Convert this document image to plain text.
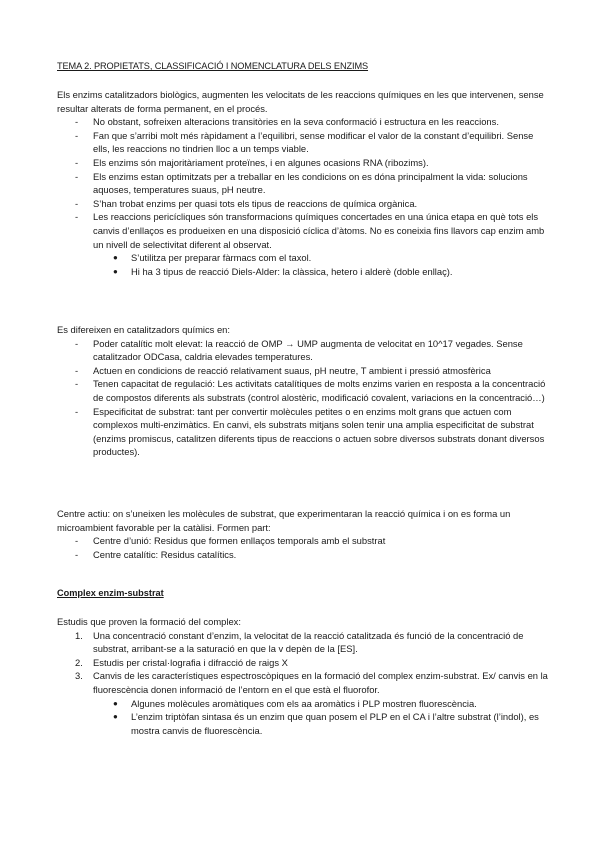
TEMA 2. PROPIETATS, CLASSIFICACIÓ I NOMENCLATURA DELS ENZIMS
Els enzims catalitzadors biològics, augmenten les velocitats de les reaccions químiques en les que intervenen, sense resultar alterats de forma permanent, en el procés.
- No obstant, sofreixen alteracions transitòries en la seva conformació i estructura en les reaccions.
- Fan que s’arribi molt més ràpidament a l’equilibri, sense modificar el valor de la constant d’equilibri. Sense ells, les reaccions no tindrien lloc a un temps viable.
- Els enzims són majoritàriament proteïnes, i en algunes ocasions RNA (ribozims).
- Els enzims estan optimitzats per a treballar en les condicions on es dóna principalment la vida: solucions aquoses, temperatures suaus, pH neutre.
- S’han trobat enzims per quasi tots els tipus de reaccions de química orgànica.
- Les reaccions pericícliques són transformacions químiques concertades en una única etapa en què tots els canvis d’enllaços es produeixen en una disposició cíclica d’àtoms. No es coneixia fins llavors cap enzim amb un nivell de selectivitat diferent al observat.
● S’utilitza per preparar fàrmacs com el taxol.
● Hi ha 3 tipus de reacció Diels-Alder: la clàssica, hetero i alderè (doble enllaç).
Es difereixen en catalitzadors químics en:
- Poder catalític molt elevat: la reacció de OMP → UMP augmenta de velocitat en 10^17 vegades. Sense catalitzador ODCasa, caldria elevades temperatures.
- Actuen en condicions de reacció relativament suaus, pH neutre, T ambient i pressió atmosfèrica
- Tenen capacitat de regulació: Les activitats catalítiques de molts enzims varien en resposta a la concentració de compostos diferents als substrats (control alostèric, modificació covalent, variacions en la concentració…)
- Especificitat de substrat: tant per convertir molècules petites o en enzims molt grans que actuen com complexos multi-enzimàtics. En canvi, els substrats mitjans solen tenir una amplia especificitat de substrat (enzims promiscus, catalitzen diferents tipus de reaccions o actuen sobre diversos substrats donant diversos productes).
Centre actiu: on s’uneixen les molècules de substrat, que experimentaran la reacció química i on es forma un microambient favorable per la catàlisi. Formen part:
- Centre d’unió: Residus que formen enllaços temporals amb el substrat
- Centre catalític: Residus catalítics.
Complex enzim-substrat
Estudis que proven la formació del complex:
1. Una concentració constant d’enzim, la velocitat de la reacció catalitzada és funció de la concentració de substrat, arribant-se a la saturació en que la v depèn de la [ES].
2. Estudis per cristal·lografia i difracció de raigs X
3. Canvis de les característiques espectroscòpiques en la formació del complex enzim-substrat. Ex/ canvis en la fluorescència donen informació de l’entorn en el que està el fluorofor.
● Algunes molècules aromàtiques com els aa aromàtics i PLP mostren fluorescència.
● L’enzim triptòfan sintasa és un enzim que quan posem el PLP en el CA i l’altre substrat (l’indol), es mostra canvis de fluorescència.
